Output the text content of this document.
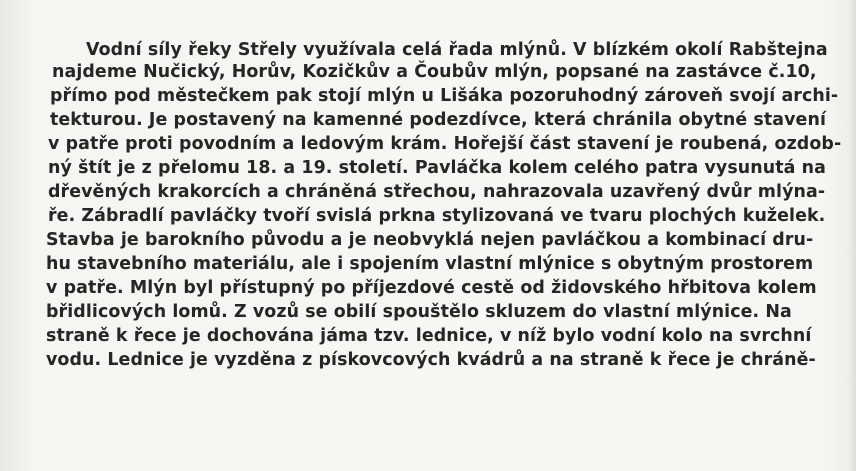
Vodní síly řeky Střely využívala celá řada mlýnů. V blízkém okolí Rabštejna
najdeme Nučický, Horův, Kozičkův a Čoubův mlýn, popsané na zastávce č.10,
přímo pod městečkem pak stojí mlýn u Lišáka pozoruhodný zároveň svojí archi-
tekturou. Je postavený na kamenné podezdívce, která chránila obytné stavení
v patře proti povodním a ledovým krám. Hořejší část stavení je roubená, ozdob-
ný štít je z přelomu 18. a 19. století. Pavláčka kolem celého patra vysunutá na
dřevěných krakorcích a chráněná střechou, nahrazovala uzavřený dvůr mlýna-
ře. Zábradlí pavláčky tvoří svislá prkna stylizovaná ve tvaru plochých kuželek.
Stavba je barokního původu a je neobvyklá nejen pavláčkou a kombinací dru-
hu stavebního materiálu, ale i spojením vlastní mlýnice s obytným prostorem
v patře. Mlýn byl přístupný po příjezdové cestě od židovského hřbitova kolem
břidlicových lomů. Z vozů se obilí spouštělo skluzem do vlastní mlýnice. Na
straně k řece je dochována jáma tzv. lednice, v níž bylo vodní kolo na svrchní
vodu. Lednice je vyzděna z pískovcových kvádrů a na straně k řece je chráně-
